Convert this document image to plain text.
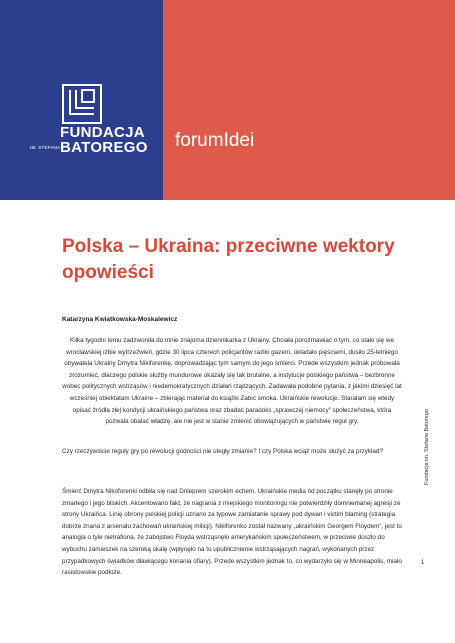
FUNDACJA
IM. STEFANA BATOREGO forumIdei
Polska – Ukraina: przeciwne wektory
opowieści
Katarzyna Kwiatkowska-Moskalewicz
Kilka tygodni temu zadzwoniła do mnie znajoma dziennikarka z Ukrainy. Chciała porozmawiać o tym, co stało się we wrocławskiej izbie wytrzeźwień, gdzie 30 lipca czterech policjantów raziło gazem, okładało pięściami, dusiło 25-letniego obywatela Ukrainy Dmytra Nikiforenkę, doprowadzając tym samym do jego śmierci. Przede wszystkim jednak próbowała zrozumieć, dlaczego polskie służby mundurowe okazały się tak brutalne, a instytucje polskiego państwa – bezbronne wobec politycznych wstrząsów i niedemokratycznych działań rządzących. Zadawała podobne pytania, z jakimi dziesięć lat wcześniej obiektatam Ukraine – zbierając materiał do książki Zabić smoka. Ukraińskie rewolucje. Starałam się wtedy opisać źródła złej kondycji ukraińskiego państwa oraz zbadać paradoks „sprawczej niemocy” społeczeństwa, która pozwala obalać władzę, ale nie jest w stanie zmienić obowiązujących w państwie reguł gry.
Czy rzeczywiście reguły gry po rewolucji godności nie uległy zmianie? I czy Polska wciąż może służyć za przykład?
Śmierć Dmytra Nikoforenki odbiła się nad Dnieprem szerokim echem. Ukraińskie media od początku stanęły po stronie zmarłego i jego bliskich. Akcentowano fakt, że nagrania z miejskiego monitoringu nie potwierdziły domniemanej agresji ze strony Ukraińca. Linię obrony polskiej policji uznano za typowe zamiatanie sprawy pod dywan i victim blaming (strategia dobrze znana z arsenału zachowań ukraińskiej milicji). Nikiforenko został nazwany „ukraińskim Georgem Floydem”, jest to analogia o tyle nietrafiona, że zabójstwo Floyda wstrząsnęło amerykańskim społeczeństwem, w przeciwie doszło do wybuchu zamieszek na szeroką skalę (wpłynęło na to upublicznienie wstrząsających nagrań, wykonanych przez przypadkowych świadków dławiącego konania ofiary). Przede wszystkim jednak to, co wydarzyło się w Minneapolis, miało rasistowskie podłoże.
Fundacja im. Stefana Batorego
1
